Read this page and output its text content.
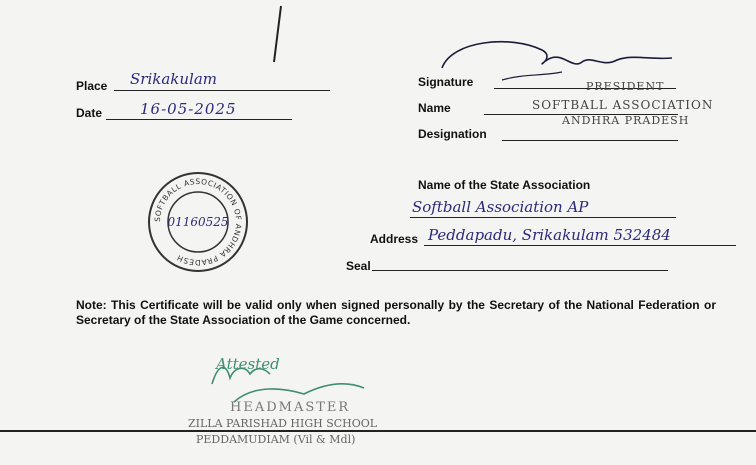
Place Srikakulam
Date	16-05-2025
Signature	PRESIDENT
Name	SOFTBALL ASSOCIATION
Designation
ANDHRA PRADESH
SOFTBALL ASSOCIATION OF ANDHRA PRADESH
01160525
Name of the State Association
Softball Association AP
Address Peddapadu, Srikakulam 532484
Seal
Note: This Certificate will be valid only when signed personally by the Secretary of the National Federation or Secretary of the State Association of the Game concerned.
Attested
HEADMASTER
ZILLA PARISHAD HIGH SCHOOL
PEDDAMUDIAM (Vil & Mdl)
